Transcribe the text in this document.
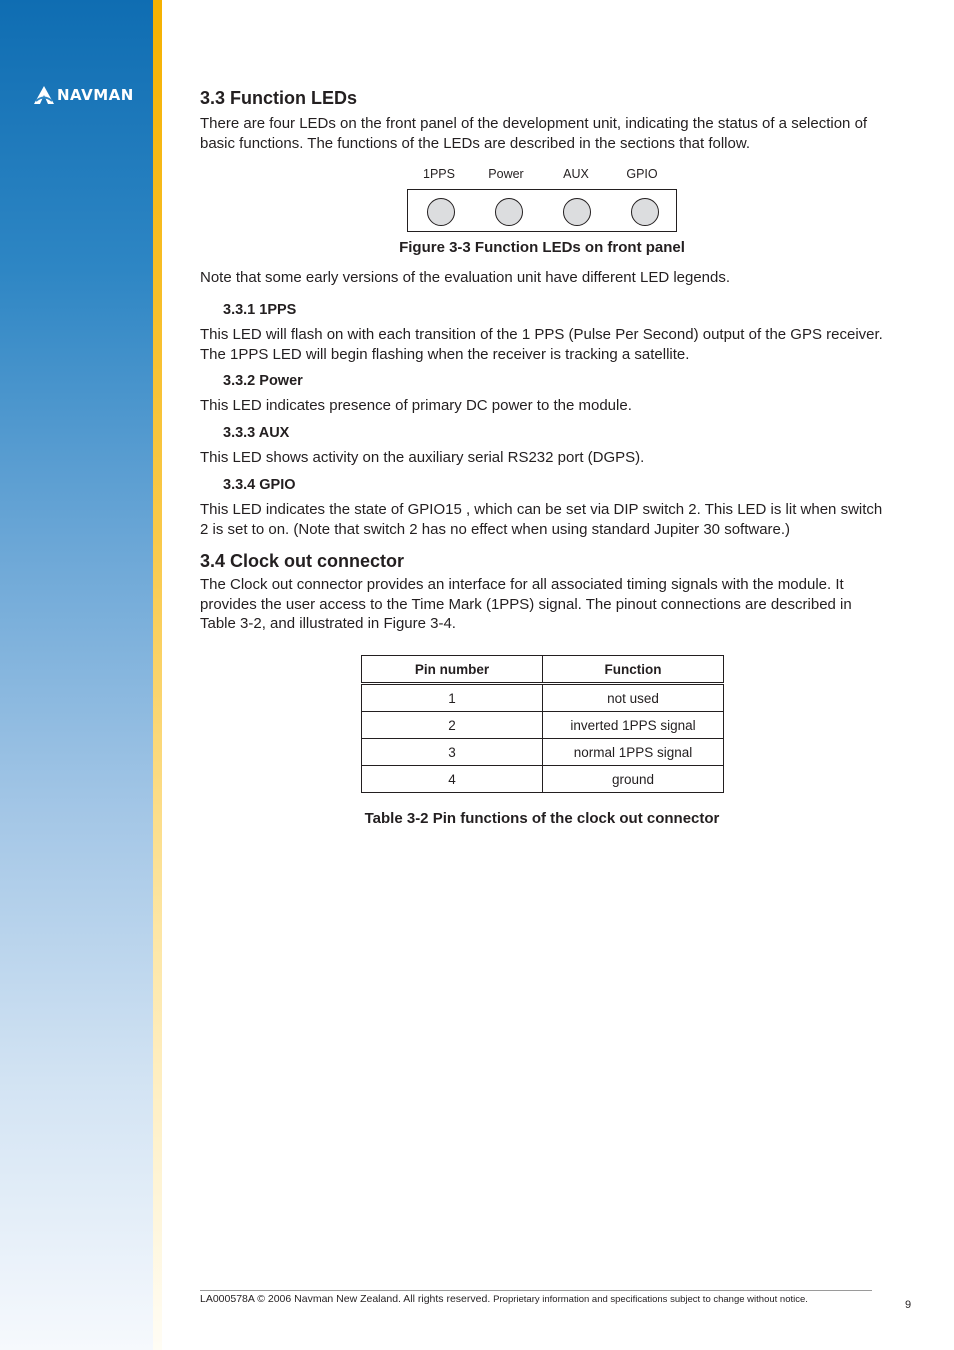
NAVMAN	3.3 Function LEDs

There are four LEDs on the front panel of the development unit, indicating the status of a selection of basic functions. The functions of the LEDs are described in the sections that follow.

Note that some early versions of the evaluation unit have different LED legends.

3.3.1 1PPS

This LED will flash on with each transition of the 1 PPS (Pulse Per Second) output of the GPS receiver. The 1PPS LED will begin flashing when the receiver is tracking a satellite.

3.3.2 Power

This LED indicates presence of primary DC power to the module.

3.3.3 AUX

This LED shows activity on the auxiliary serial RS232 port (DGPS).

3.3.4 GPIO

This LED indicates the state of GPIO15 , which can be set via DIP switch 2. This LED is lit when switch 2 is set to on. (Note that switch 2 has no effect when using standard Jupiter 30 software.)

3.4 Clock out connector

The Clock out connector provides an interface for all associated timing signals with the module. It provides the user access to the Time Mark (1PPS) signal. The pinout connections are described in Table 3-2, and illustrated in Figure 3-4.

1PPS	Power	AUX	GPIO
Figure 3-3 Function LEDs on front panel
Pin number	Function
1	not used
2	inverted 1PPS signal
3	normal 1PPS signal
4	ground
Table 3-2 Pin functions of the clock out connector
LA000578A © 2006 Navman New Zealand. All rights reserved. Proprietary information and specifications subject to change without notice.	9
